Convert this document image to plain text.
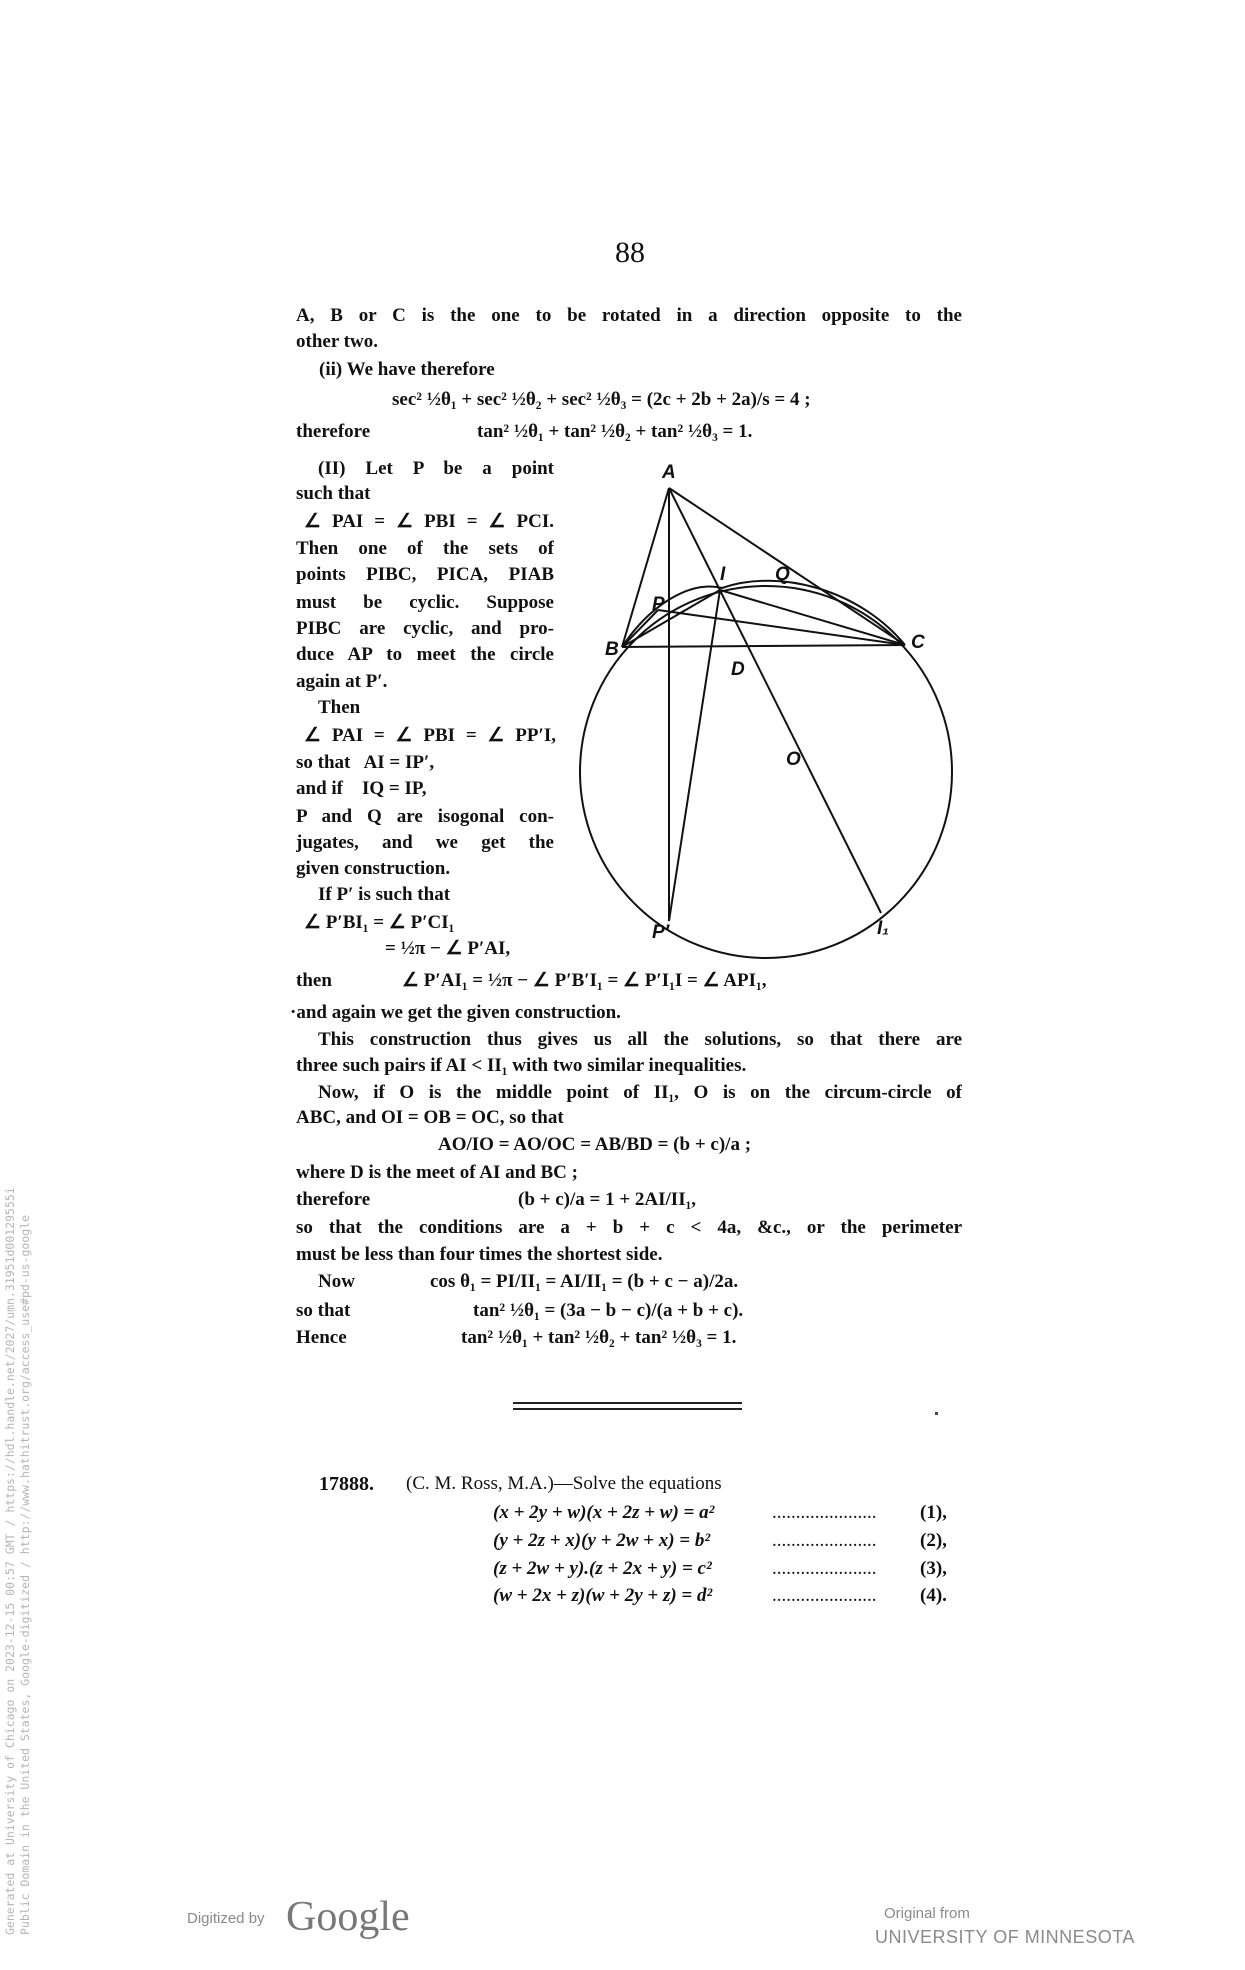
88
A, B or C is the one to be rotated in a direction opposite to the
other two.
(ii) We have therefore
sec² ½θ₁ + sec² ½θ₂ + sec² ½θ₃ = (2c + 2b + 2a)/s = 4 ;
therefore	tan² ½θ₁ + tan² ½θ₂ + tan² ½θ₃ = 1.
(II) Let P be a point
such that
∠ PAI = ∠ PBI = ∠ PCI.
Then one of the sets of
points PIBC, PICA, PIAB
must be cyclic. Suppose
PIBC are cyclic, and pro-
duce AP to meet the circle
again at P′.
Then
∠ PAI = ∠ PBI = ∠ PP′I,
so that   AI = IP′,
and if    IQ = IP,
P and Q are isogonal con-
jugates, and we get the
given construction.
If P′ is such that
∠ P′BI₁ = ∠ P′CI₁
= ½π − ∠ P′AI,
A
B	C
I
P
Q
D
O
P′	I₁
then	∠ P′AI₁ = ½π − ∠ P′B′I₁ = ∠ P′I₁I = ∠ API₁,
·and again we get the given construction.
This construction thus gives us all the solutions, so that there are
three such pairs if AI < II₁ with two similar inequalities.
Now, if O is the middle point of II₁, O is on the circum-circle of
ABC, and OI = OB = OC, so that
AO/IO = AO/OC = AB/BD = (b + c)/a ;
where D is the meet of AI and BC ;
therefore	(b + c)/a = 1 + 2AI/II₁,
so that the conditions are a + b + c < 4a, &c., or the perimeter
must be less than four times the shortest side.
Now	cos θ₁ = PI/II₁ = AI/II₁ = (b + c − a)/2a.
so that	tan² ½θ₁ = (3a − b − c)/(a + b + c).
Hence	tan² ½θ₁ + tan² ½θ₂ + tan² ½θ₃ = 1.
17888. (C. M. Ross, M.A.)—Solve the equations
(x + 2y + w)(x + 2z + w) = a²	......................	(1),
(y + 2z + x)(y + 2w + x) = b²	......................	(2),
(z + 2w + y).(z + 2x + y) = c²	......................	(3),
(w + 2x + z)(w + 2y + z) = d²	......................	(4).
Generated at University of Chicago on 2023-12-15 00:57 GMT / https://hdl.handle.net/2027/umn.31951d00129555i Public Domain in the United States, Google-digitized / http://www.hathitrust.org/access_use#pd-us-google	Digitized by Google	Original from
UNIVERSITY OF MINNESOTA
